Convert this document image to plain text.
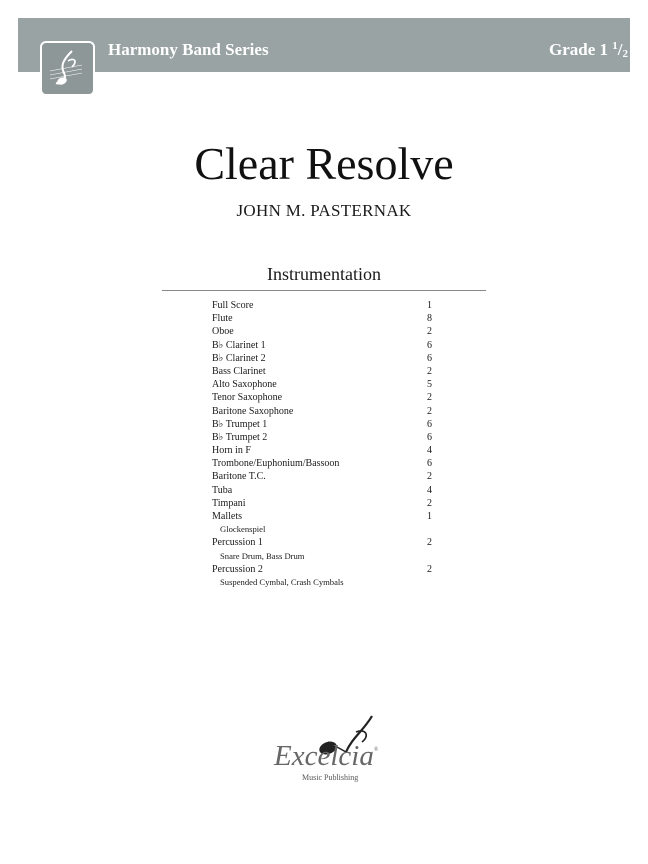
Harmony Band Series	Grade 1 $^1$/2
Clear Resolve
JOHN M. PASTERNAK
Instrumentation
Full Score	1
Flute	8
Oboe	2
B♭ Clarinet 1	6
B♭ Clarinet 2	6
Bass Clarinet	2
Alto Saxophone	5
Tenor Saxophone	2
Baritone Saxophone	2
B♭ Trumpet 1	6
B♭ Trumpet 2	6
Horn in F	4
Trombone/Euphonium/Bassoon	6
Baritone T.C.	2
Tuba	4
Timpani	2
Mallets	1
Glockenspiel
Percussion 1	2
Snare Drum, Bass Drum
Percussion 2	2
Suspended Cymbal, Crash Cymbals
Excelcia®
Music Publishing
